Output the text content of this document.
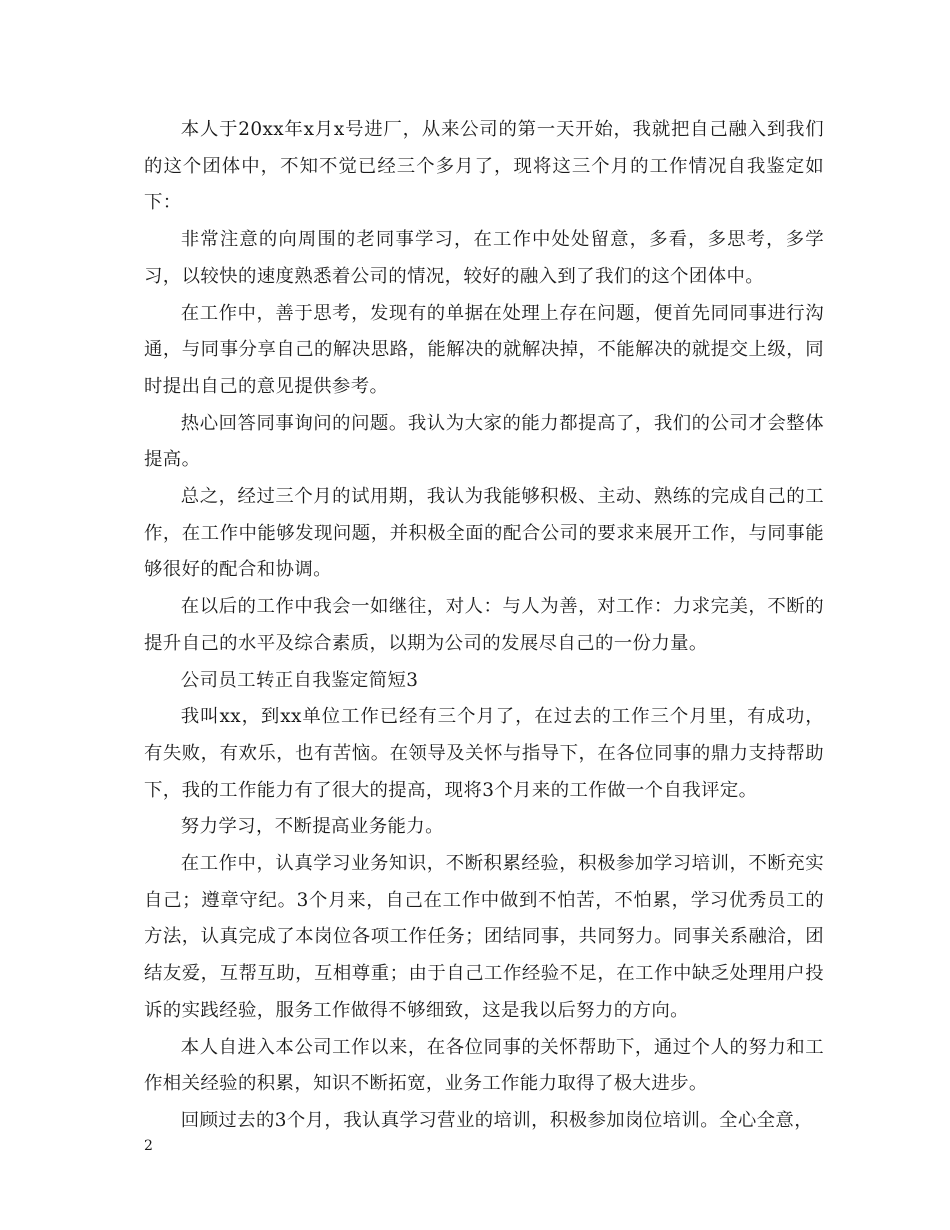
本人于20xx年x月x号进厂，从来公司的第一天开始，我就把自己融入到我们的这个团体中，不知不觉已经三个多月了，现将这三个月的工作情况自我鉴定如下：

非常注意的向周围的老同事学习，在工作中处处留意，多看，多思考，多学习，以较快的速度熟悉着公司的情况，较好的融入到了我们的这个团体中。

在工作中，善于思考，发现有的单据在处理上存在问题，便首先同同事进行沟通，与同事分享自己的解决思路，能解决的就解决掉，不能解决的就提交上级，同时提出自己的意见提供参考。

热心回答同事询问的问题。我认为大家的能力都提高了，我们的公司才会整体提高。

总之，经过三个月的试用期，我认为我能够积极、主动、熟练的完成自己的工作，在工作中能够发现问题，并积极全面的配合公司的要求来展开工作，与同事能够很好的配合和协调。

在以后的工作中我会一如继往，对人：与人为善，对工作：力求完美，不断的提升自己的水平及综合素质，以期为公司的发展尽自己的一份力量。

公司员工转正自我鉴定简短3

我叫xx，到xx单位工作已经有三个月了，在过去的工作三个月里，有成功，有失败，有欢乐，也有苦恼。在领导及关怀与指导下，在各位同事的鼎力支持帮助下，我的工作能力有了很大的提高，现将3个月来的工作做一个自我评定。

努力学习，不断提高业务能力。

在工作中，认真学习业务知识，不断积累经验，积极参加学习培训，不断充实自己；遵章守纪。3个月来，自己在工作中做到不怕苦，不怕累，学习优秀员工的方法，认真完成了本岗位各项工作任务；团结同事，共同努力。同事关系融洽，团结友爱，互帮互助，互相尊重；由于自己工作经验不足，在工作中缺乏处理用户投诉的实践经验，服务工作做得不够细致，这是我以后努力的方向。

本人自进入本公司工作以来，在各位同事的关怀帮助下，通过个人的努力和工作相关经验的积累，知识不断拓宽，业务工作能力取得了极大进步。

回顾过去的3个月，我认真学习营业的培训，积极参加岗位培训。全心全意，

2
